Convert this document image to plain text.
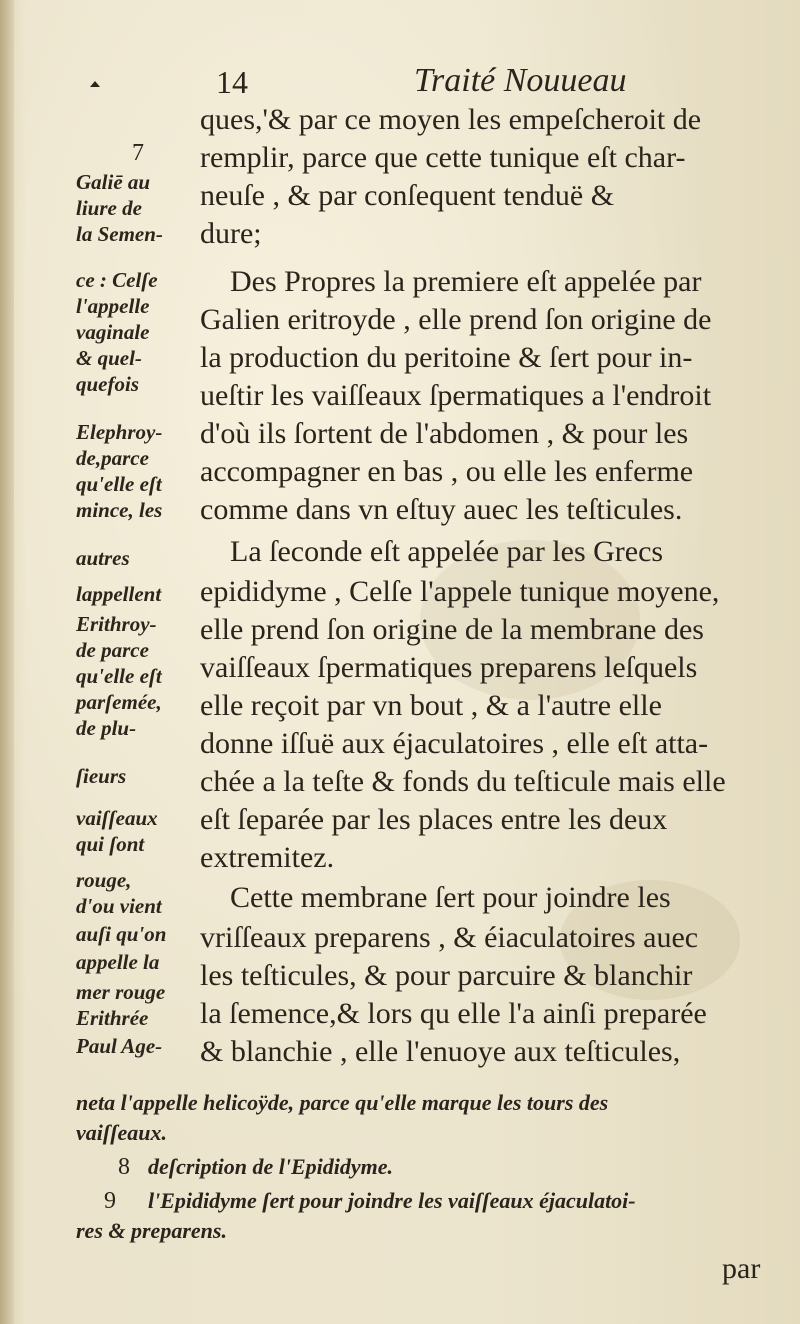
14	Traité Nouueau
ques,'& par ce moyen les empeſcheroit de
remplir, parce que cette tunique eſt char-
neuſe , & par conſequent tenduë &
dure;
Des Propres la premiere eſt appelée par
Galien eritroyde , elle prend ſon origine de
la production du peritoine & ſert pour in-
ueſtir les vaiſſeaux ſpermatiques a l'endroit
d'où ils ſortent de l'abdomen , & pour les
accompagner en bas , ou elle les enferme
comme dans vn eſtuy auec les teſticules.
La ſeconde eſt appelée par les Grecs
epididyme , Celſe l'appele tunique moyene,
elle prend ſon origine de la membrane des
vaiſſeaux ſpermatiques preparens leſquels
elle reçoit par vn bout , & a l'autre elle
donne iſſuë aux éjaculatoires , elle eſt atta-
chée a la teſte & fonds du teſticule mais elle
eſt ſeparée par les places entre les deux
extremitez.
Cette membrane ſert pour joindre les
vriſſeaux preparens , & éiaculatoires auec
les teſticules, & pour parcuire & blanchir
la ſemence,& lors qu elle l'a ainſi preparée
& blanchie , elle l'enuoye aux teſticules,
7
Galiē au
liure de
la Semen-
ce : Celſe
l'appelle
vaginale
& quel-
quefois
Elephroy-
de,parce
qu'elle eſt
mince, les
autres
lappellent
Erithroy-
de parce
qu'elle eſt
parſemée,
de plu-
ſieurs
vaiſſeaux
qui ſont
rouge,
d'ou vient
auſi qu'on
appelle la
mer rouge
Erithrée
Paul Age-
neta l'appelle helicoÿde, parce qu'elle marque les tours des
vaiſſeaux.
8 deſcription de l'Epididyme.
9 l'Epididyme ſert pour joindre les vaiſſeaux éjaculatoi-
res & preparens.
par
